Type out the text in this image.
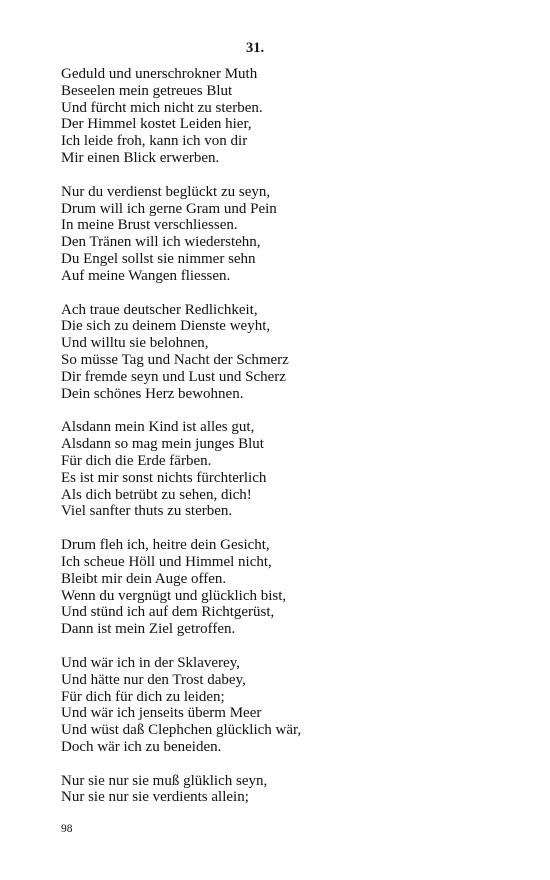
31.
Geduld und unerschrokner Muth
Beseelen mein getreues Blut
Und fürcht mich nicht zu sterben.
Der Himmel kostet Leiden hier,
Ich leide froh, kann ich von dir
Mir einen Blick erwerben.
Nur du verdienst beglückt zu seyn,
Drum will ich gerne Gram und Pein
In meine Brust verschliessen.
Den Tränen will ich wiederstehn,
Du Engel sollst sie nimmer sehn
Auf meine Wangen fliessen.
Ach traue deutscher Redlichkeit,
Die sich zu deinem Dienste weyht,
Und willtu sie belohnen,
So müsse Tag und Nacht der Schmerz
Dir fremde seyn und Lust und Scherz
Dein schönes Herz bewohnen.
Alsdann mein Kind ist alles gut,
Alsdann so mag mein junges Blut
Für dich die Erde färben.
Es ist mir sonst nichts fürchterlich
Als dich betrübt zu sehen, dich!
Viel sanfter thuts zu sterben.
Drum fleh ich, heitre dein Gesicht,
Ich scheue Höll und Himmel nicht,
Bleibt mir dein Auge offen.
Wenn du vergnügt und glücklich bist,
Und stünd ich auf dem Richtgerüst,
Dann ist mein Ziel getroffen.
Und wär ich in der Sklaverey,
Und hätte nur den Trost dabey,
Für dich für dich zu leiden;
Und wär ich jenseits überm Meer
Und wüst daß Clephchen glücklich wär,
Doch wär ich zu beneiden.
Nur sie nur sie muß glüklich seyn,
Nur sie nur sie verdients allein;
98
